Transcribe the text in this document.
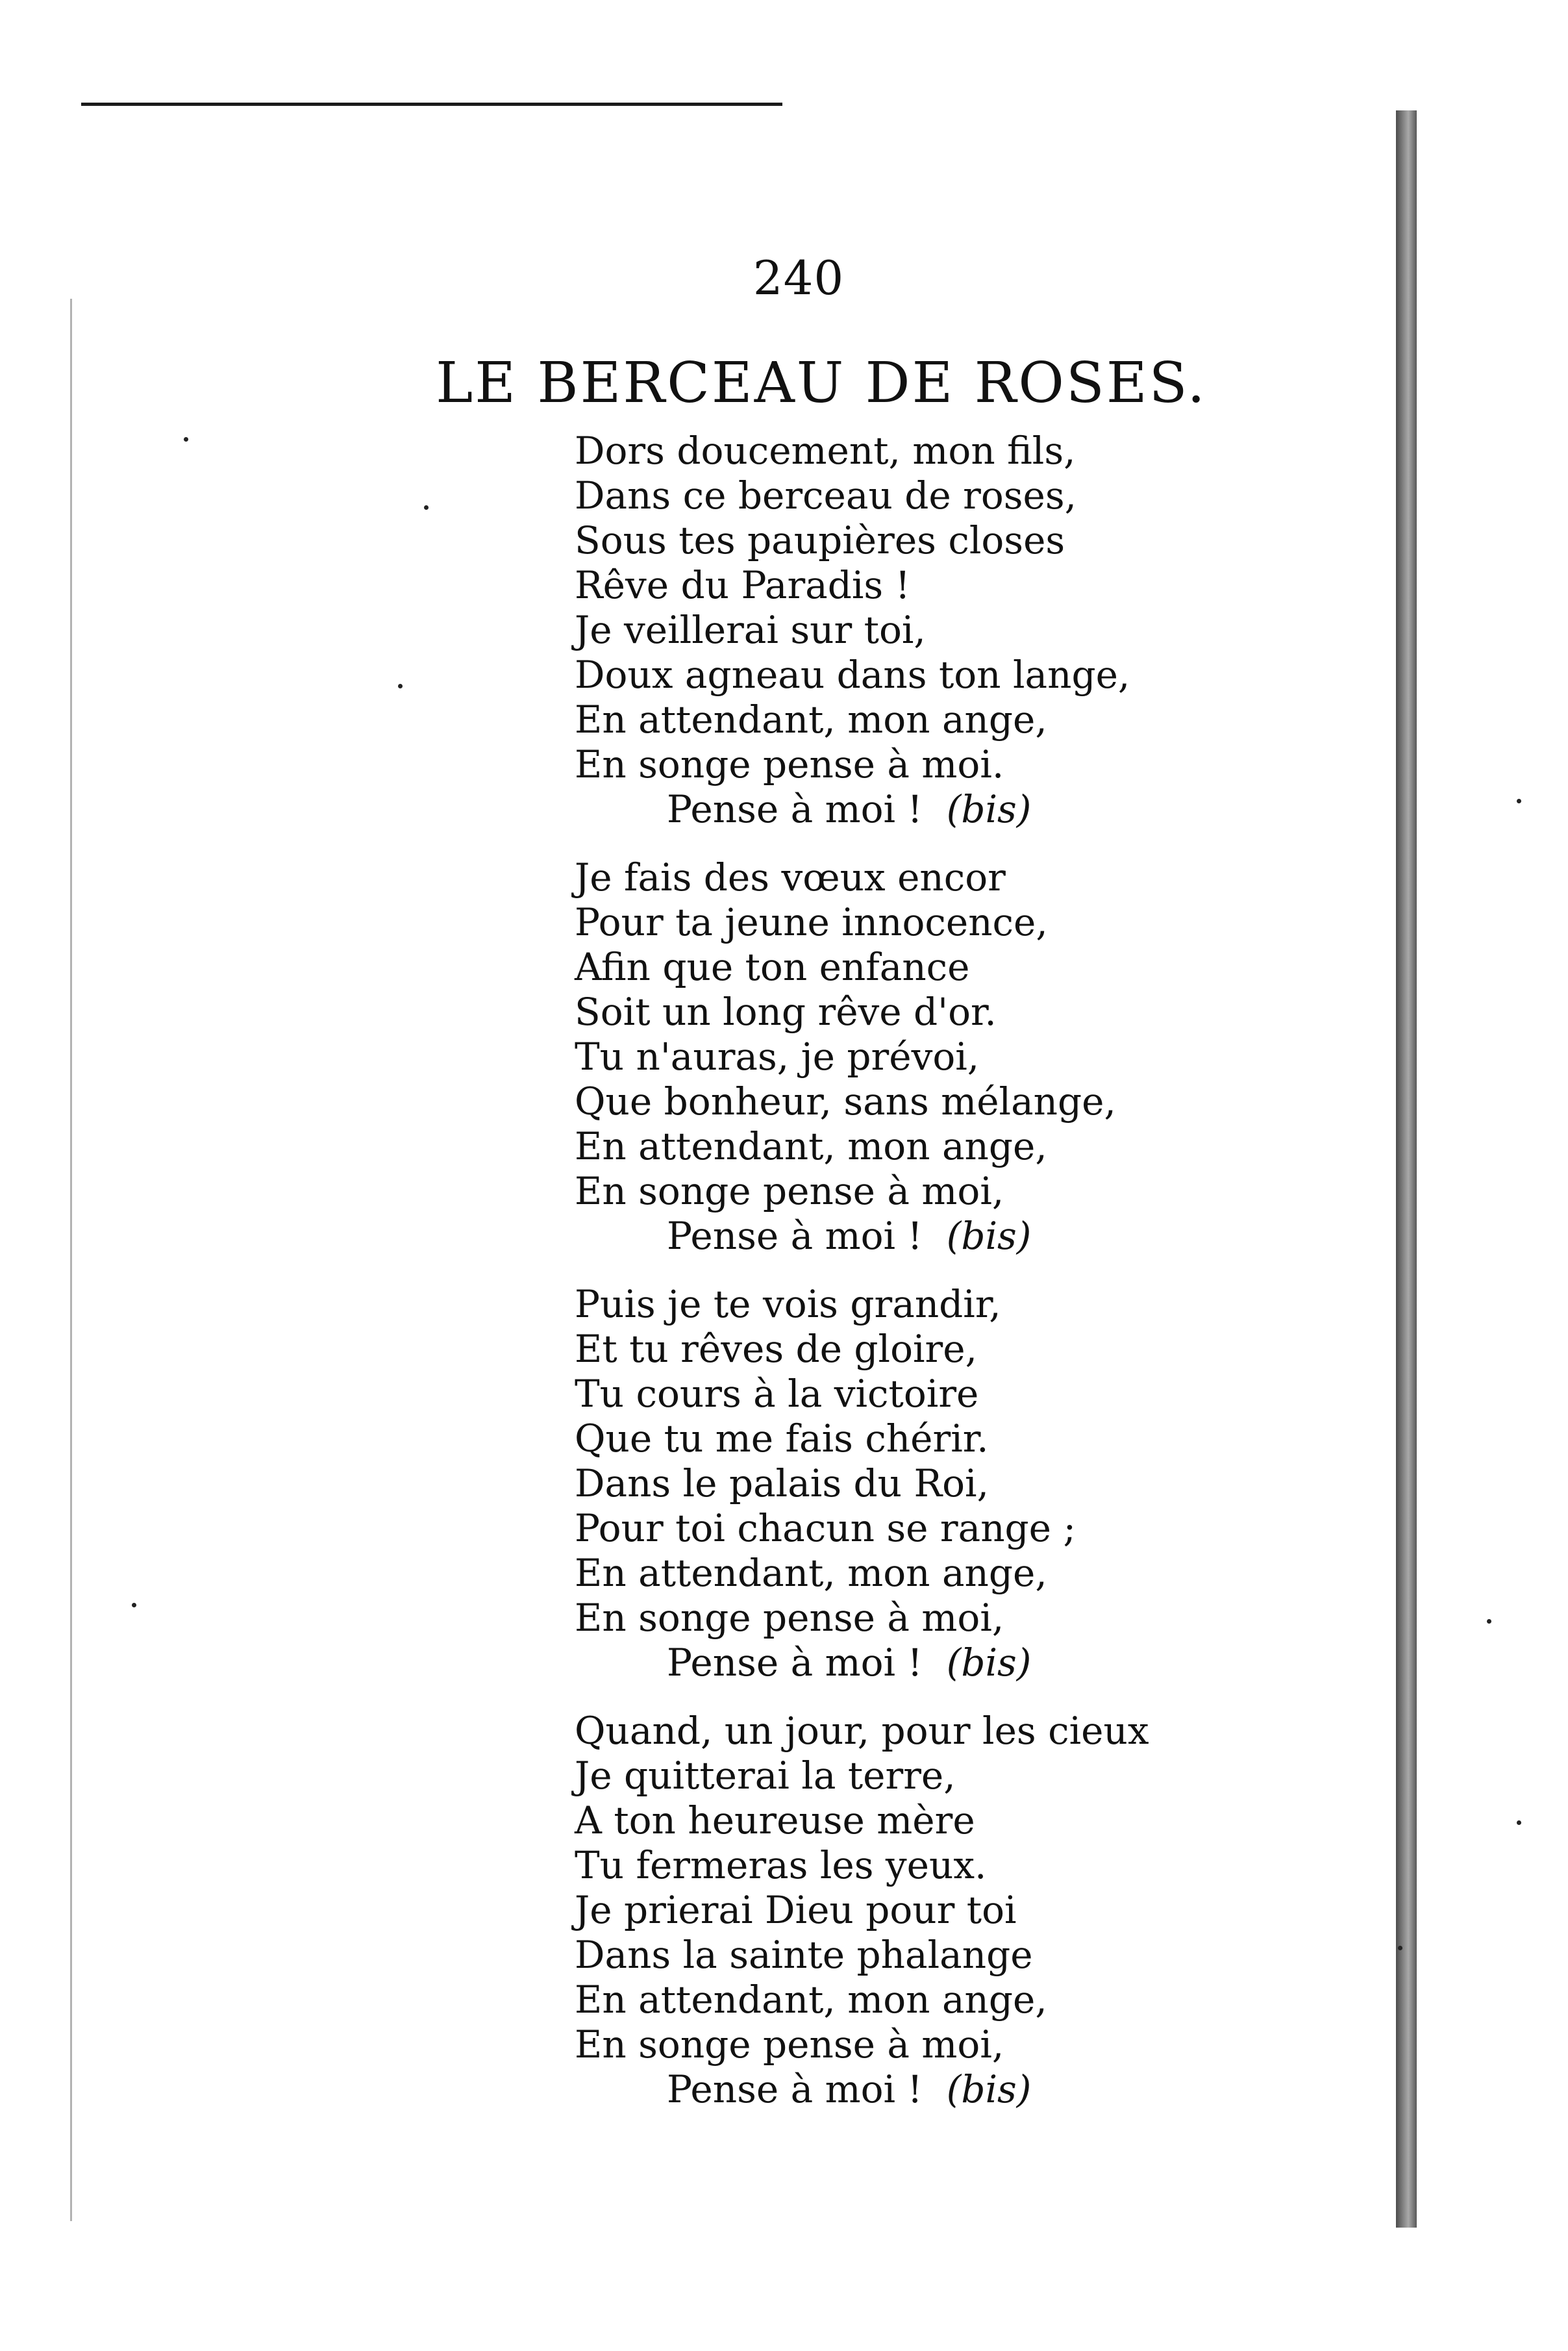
240
LE BERCEAU DE ROSES.
Dors doucement, mon fils,
Dans ce berceau de roses,
Sous tes paupières closes
Rêve du Paradis !
Je veillerai sur toi,
Doux agneau dans ton lange,
En attendant, mon ange,
En songe pense à moi.
Pense à moi ! (bis)
Je fais des vœux encor
Pour ta jeune innocence,
Afin que ton enfance
Soit un long rêve d'or.
Tu n'auras, je prévoi,
Que bonheur, sans mélange,
En attendant, mon ange,
En songe pense à moi,
Pense à moi ! (bis)
Puis je te vois grandir,
Et tu rêves de gloire,
Tu cours à la victoire
Que tu me fais chérir.
Dans le palais du Roi,
Pour toi chacun se range ;
En attendant, mon ange,
En songe pense à moi,
Pense à moi ! (bis)
Quand, un jour, pour les cieux
Je quitterai la terre,
A ton heureuse mère
Tu fermeras les yeux.
Je prierai Dieu pour toi
Dans la sainte phalange
En attendant, mon ange,
En songe pense à moi,
Pense à moi ! (bis)
